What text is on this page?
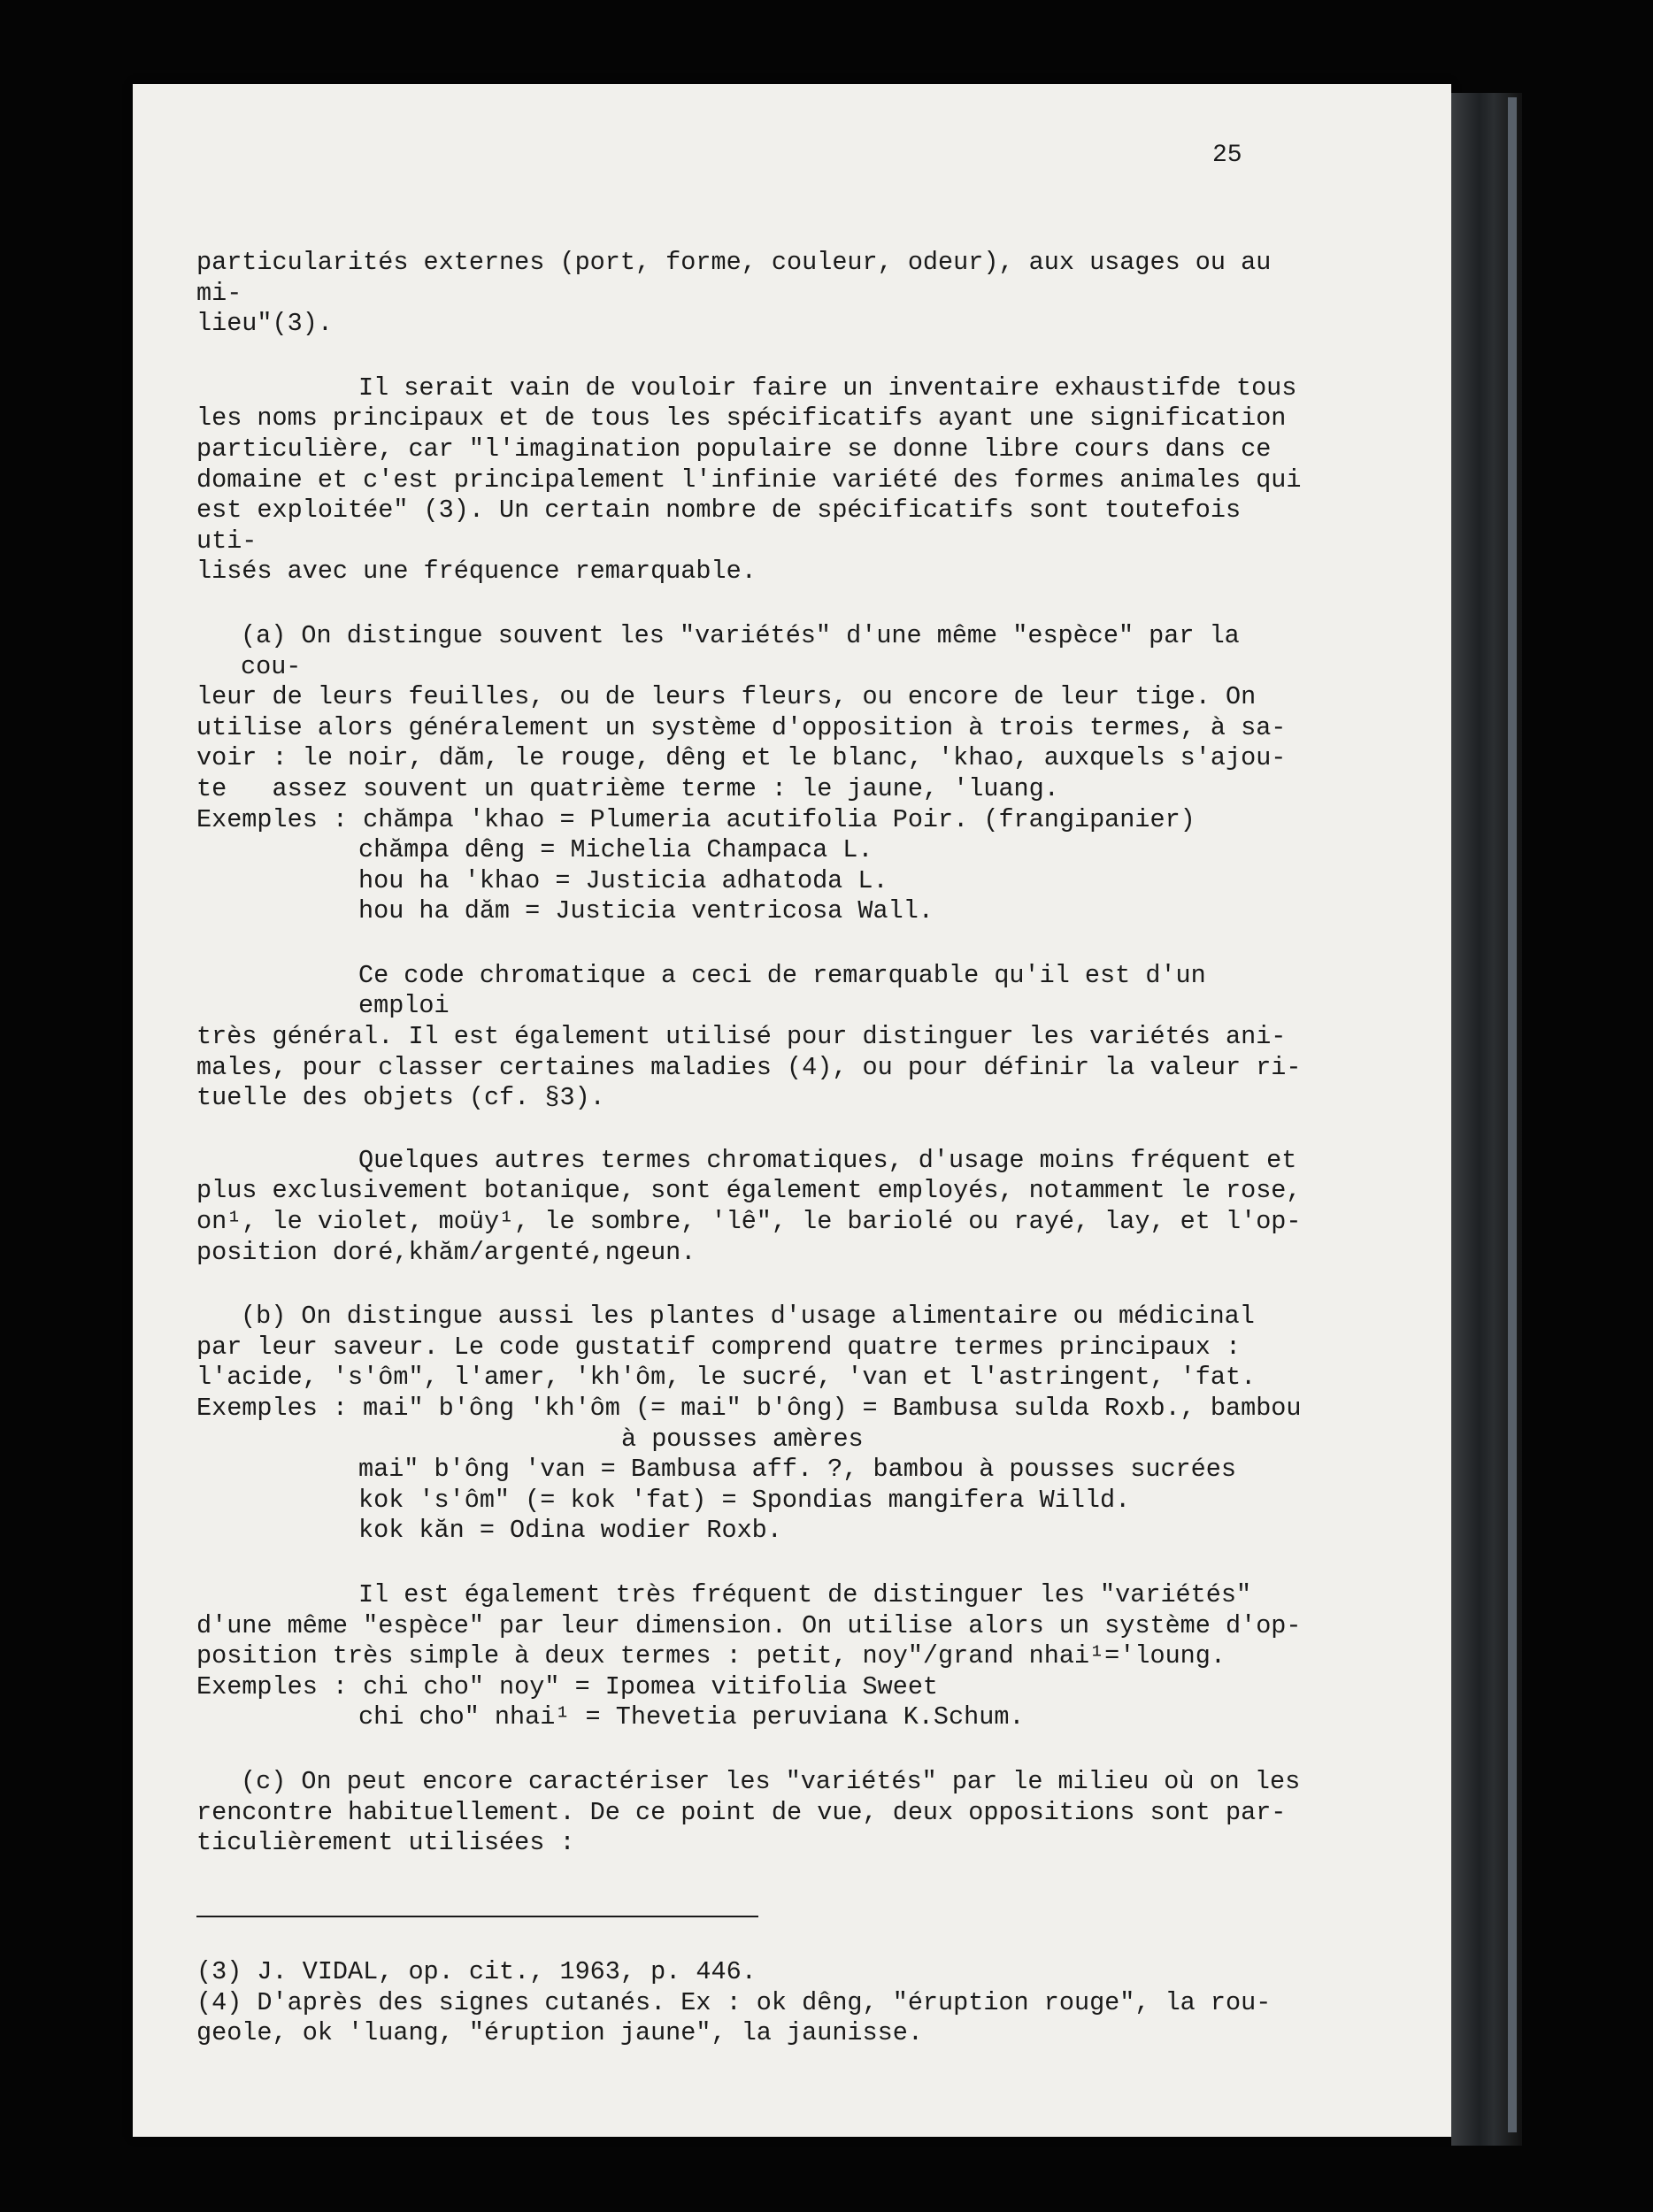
25

particularités externes (port, forme, couleur, odeur), aux usages ou au mi-

lieu"(3).

Il serait vain de vouloir faire un inventaire exhaustifde tous

les noms principaux et de tous les spécificatifs ayant une signification

particulière, car "l'imagination populaire se donne libre cours dans ce

domaine et c'est principalement l'infinie variété des formes animales qui

est exploitée" (3). Un certain nombre de spécificatifs sont toutefois uti-

lisés avec une fréquence remarquable.

(a) On distingue souvent les "variétés" d'une même "espèce" par la cou-

leur de leurs feuilles, ou de leurs fleurs, ou encore de leur tige. On

utilise alors généralement un système d'opposition à trois termes, à sa-

voir : le noir, dăm, le rouge, dêng et le blanc, 'khao, auxquels s'ajou-

te   assez souvent un quatrième terme : le jaune, 'luang.

Exemples : chămpa 'khao = Plumeria acutifolia Poir. (frangipanier)

chămpa dêng = Michelia Champaca L.

hou ha 'khao = Justicia adhatoda L.

hou ha dăm = Justicia ventricosa Wall.

Ce code chromatique a ceci de remarquable qu'il est d'un emploi

très général. Il est également utilisé pour distinguer les variétés ani-

males, pour classer certaines maladies (4), ou pour définir la valeur ri-

tuelle des objets (cf. §3).

Quelques autres termes chromatiques, d'usage moins fréquent et

plus exclusivement botanique, sont également employés, notamment le rose,

on¹, le violet, moüy¹, le sombre, 'lê", le bariolé ou rayé, lay, et l'op-

position doré,khăm/argenté,ngeun.

(b) On distingue aussi les plantes d'usage alimentaire ou médicinal

par leur saveur. Le code gustatif comprend quatre termes principaux :

l'acide, 's'ôm", l'amer, 'kh'ôm, le sucré, 'van et l'astringent, 'fat.

Exemples : mai" b'ông 'kh'ôm (= mai" b'ông) = Bambusa sulda Roxb., bambou

à pousses amères

mai" b'ông 'van = Bambusa aff. ?, bambou à pousses sucrées

kok 's'ôm" (= kok 'fat) = Spondias mangifera Willd.

kok kăn = Odina wodier Roxb.

Il est également très fréquent de distinguer les "variétés"

d'une même "espèce" par leur dimension. On utilise alors un système d'op-

position très simple à deux termes : petit, noy"/grand nhai¹='loung.

Exemples : chi cho" noy" = Ipomea vitifolia Sweet

chi cho" nhai¹ = Thevetia peruviana K.Schum.

(c) On peut encore caractériser les "variétés" par le milieu où on les

rencontre habituellement. De ce point de vue, deux oppositions sont par-

ticulièrement utilisées :

(3) J. VIDAL, op. cit., 1963, p. 446.

(4) D'après des signes cutanés. Ex : ok dêng, "éruption rouge", la rou-

geole, ok 'luang, "éruption jaune", la jaunisse.
